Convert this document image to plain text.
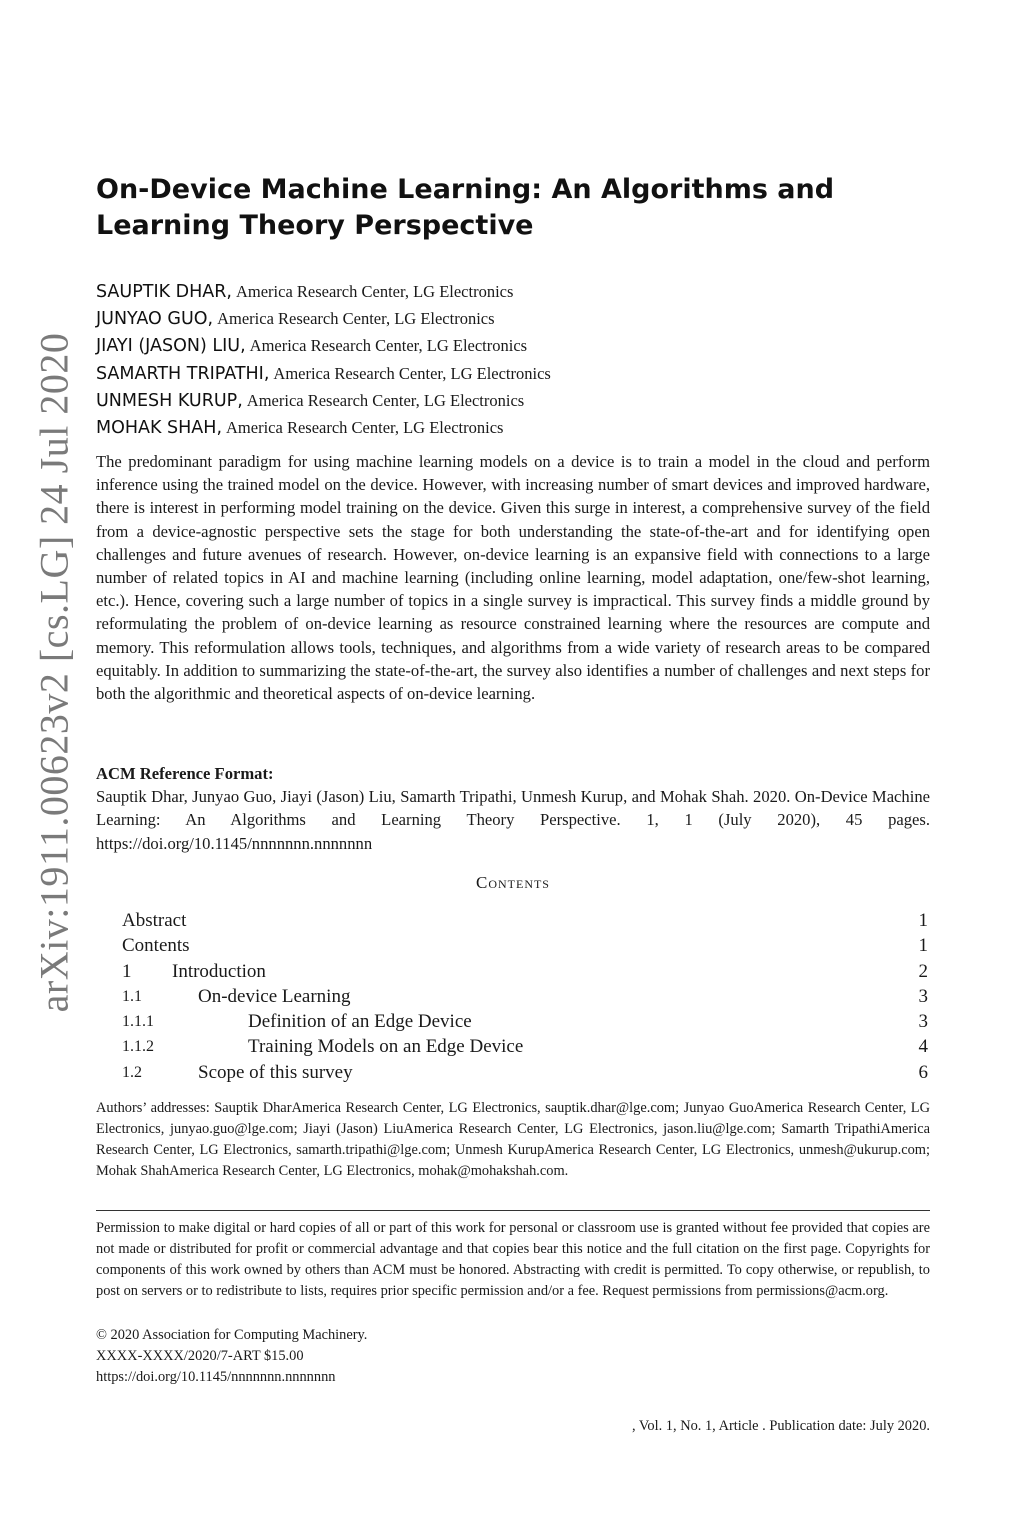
arXiv:1911.00623v2 [cs.LG] 24 Jul 2020
On-Device Machine Learning: An Algorithms and Learning Theory Perspective
SAUPTIK DHAR, America Research Center, LG Electronics
JUNYAO GUO, America Research Center, LG Electronics
JIAYI (JASON) LIU, America Research Center, LG Electronics
SAMARTH TRIPATHI, America Research Center, LG Electronics
UNMESH KURUP, America Research Center, LG Electronics
MOHAK SHAH, America Research Center, LG Electronics

The predominant paradigm for using machine learning models on a device is to train a model in the cloud and perform inference using the trained model on the device. However, with increasing number of smart devices and improved hardware, there is interest in performing model training on the device. Given this surge in interest, a comprehensive survey of the field from a device-agnostic perspective sets the stage for both understanding the state-of-the-art and for identifying open challenges and future avenues of research. However, on-device learning is an expansive field with connections to a large number of related topics in AI and machine learning (including online learning, model adaptation, one/few-shot learning, etc.). Hence, covering such a large number of topics in a single survey is impractical. This survey finds a middle ground by reformulating the problem of on-device learning as resource constrained learning where the resources are compute and memory. This reformulation allows tools, techniques, and algorithms from a wide variety of research areas to be compared equitably. In addition to summarizing the state-of-the-art, the survey also identifies a number of challenges and next steps for both the algorithmic and theoretical aspects of on-device learning.

ACM Reference Format:
Sauptik Dhar, Junyao Guo, Jiayi (Jason) Liu, Samarth Tripathi, Unmesh Kurup, and Mohak Shah. 2020. On-Device Machine Learning: An Algorithms and Learning Theory Perspective. 1, 1 (July 2020), 45 pages. https://doi.org/10.1145/nnnnnnn.nnnnnnn
Contents
Abstract	1
Contents	1
1 Introduction	2
1.1	On-device Learning	3
1.1.1	Definition of an Edge Device	3
1.1.2	Training Models on an Edge Device	4
1.2	Scope of this survey	6

Authors’ addresses: Sauptik DharAmerica Research Center, LG Electronics, sauptik.dhar@lge.com; Junyao GuoAmerica Research Center, LG Electronics, junyao.guo@lge.com; Jiayi (Jason) LiuAmerica Research Center, LG Electronics, jason.liu@lge.com; Samarth TripathiAmerica Research Center, LG Electronics, samarth.tripathi@lge.com; Unmesh KurupAmerica Research Center, LG Electronics, unmesh@ukurup.com; Mohak ShahAmerica Research Center, LG Electronics, mohak@mohakshah.com.

Permission to make digital or hard copies of all or part of this work for personal or classroom use is granted without fee provided that copies are not made or distributed for profit or commercial advantage and that copies bear this notice and the full citation on the first page. Copyrights for components of this work owned by others than ACM must be honored. Abstracting with credit is permitted. To copy otherwise, or republish, to post on servers or to redistribute to lists, requires prior specific permission and/or a fee. Request permissions from permissions@acm.org.

© 2020 Association for Computing Machinery.
XXXX-XXXX/2020/7-ART $15.00
https://doi.org/10.1145/nnnnnnn.nnnnnnn
, Vol. 1, No. 1, Article . Publication date: July 2020.
